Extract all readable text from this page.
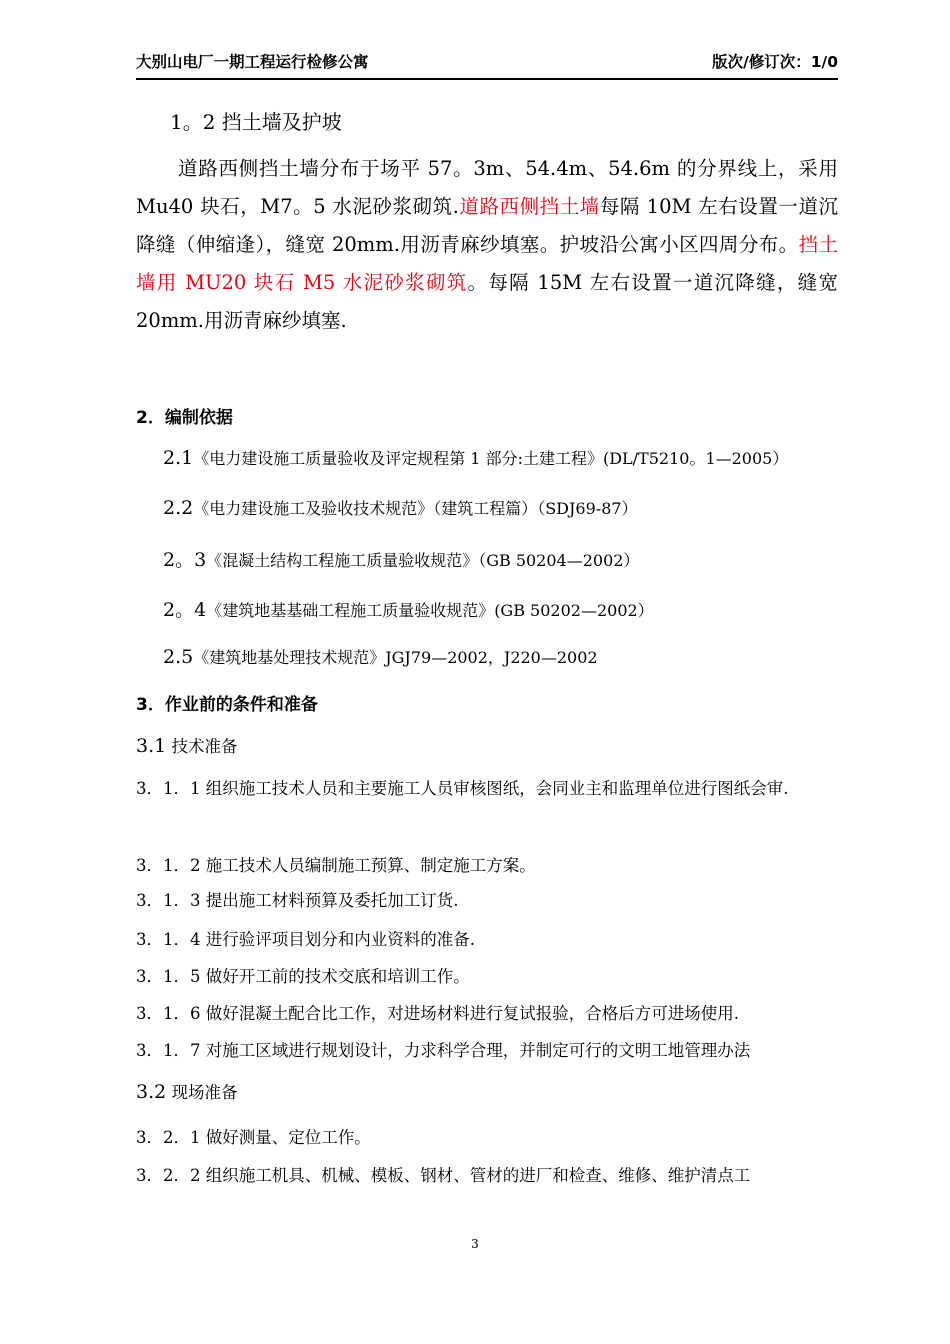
大别山电厂一期工程运行检修公寓	版次/修订次：1/0
1。2 挡土墙及护坡
道路西侧挡土墙分布于场平 57。3m、54.4m、54.6m 的分界线上，采用 Mu40 块石，M7。5 水泥砂浆砌筑.道路西侧挡土墙每隔 10M 左右设置一道沉降缝（伸缩逢），缝宽 20mm.用沥青麻纱填塞。护坡沿公寓小区四周分布。挡土墙用 MU20 块石 M5 水泥砂浆砌筑。每隔 15M 左右设置一道沉降缝，缝宽 20mm.用沥青麻纱填塞.
2．编制依据
2.1《电力建设施工质量验收及评定规程第 1 部分:土建工程》(DL/T5210。1—2005）
2.2《电力建设施工及验收技术规范》（建筑工程篇）（SDJ69-87）
2。3《混凝土结构工程施工质量验收规范》（GB 50204—2002）
2。4《建筑地基基础工程施工质量验收规范》(GB 50202—2002）
2.5《建筑地基处理技术规范》JGJ79—2002，J220—2002
3．作业前的条件和准备
3.1 技术准备
3．1．1 组织施工技术人员和主要施工人员审核图纸，会同业主和监理单位进行图纸会审.
3．1．2 施工技术人员编制施工预算、制定施工方案。
3．1．3 提出施工材料预算及委托加工订货.
3．1．4 进行验评项目划分和内业资料的准备.
3．1．5 做好开工前的技术交底和培训工作。
3．1．6 做好混凝土配合比工作，对进场材料进行复试报验，合格后方可进场使用.
3．1．7 对施工区域进行规划设计，力求科学合理，并制定可行的文明工地管理办法
3.2 现场准备
3．2．1 做好测量、定位工作。
3．2．2 组织施工机具、机械、模板、钢材、管材的进厂和检查、维修、维护清点工
3
